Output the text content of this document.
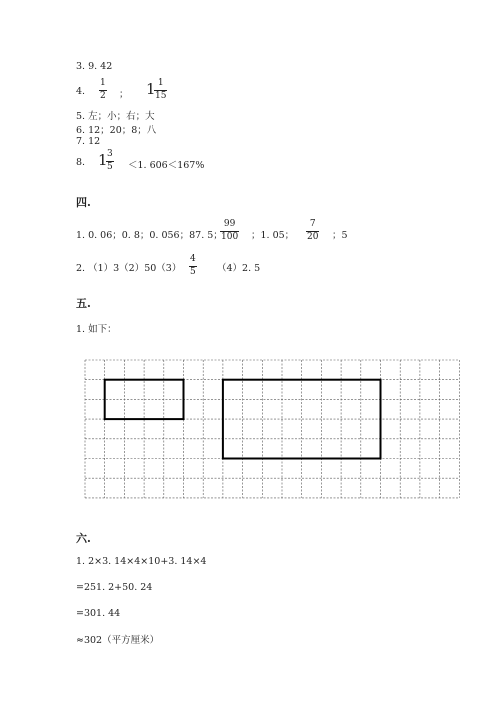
3. 9. 42
4.
1
2 ； 1 1
15
5. 左；小；右；大
6. 12；20；8；八
7. 12
8. 1 3
5 ＜1. 606＜167%
四.
1. 0. 06；0. 8；0. 056；87. 5；
99
100 ；1. 05；
7
20 ；5
2. （1）3（2）50（3）
4
5 （4）2. 5
五.
1. 如下：
六.
1. 2×3. 14×4×10+3. 14×4
=251. 2+50. 24
=301. 44
≈302（平方厘米）
